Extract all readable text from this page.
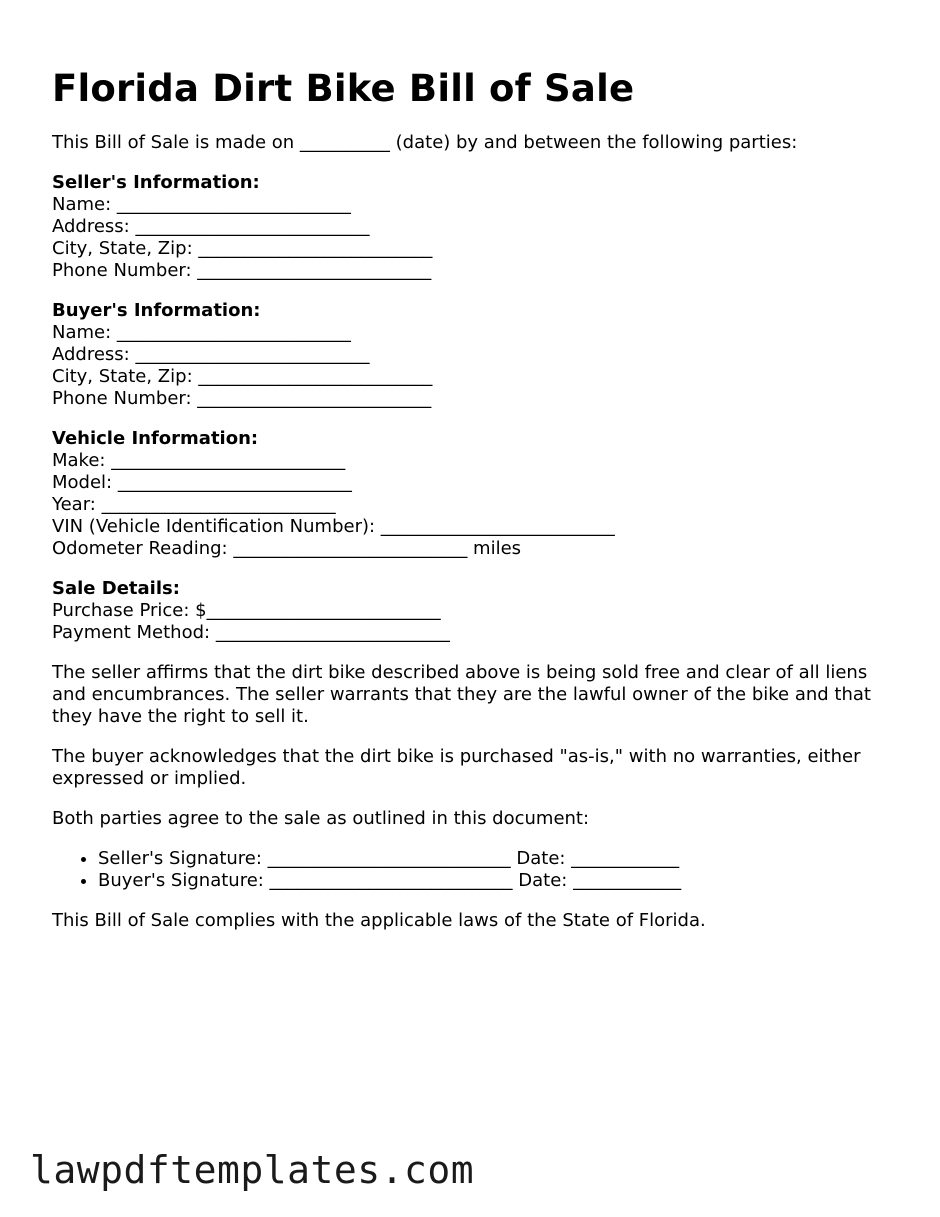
Florida Dirt Bike Bill of Sale

This Bill of Sale is made on __________ (date) by and between the following parties:

Seller's Information:
Name: __________________________
Address: __________________________
City, State, Zip: __________________________
Phone Number: __________________________
Buyer's Information:
Name: __________________________
Address: __________________________
City, State, Zip: __________________________
Phone Number: __________________________
Vehicle Information:
Make: __________________________
Model: __________________________
Year: __________________________
VIN (Vehicle Identification Number): __________________________
Odometer Reading: __________________________ miles
Sale Details:
Purchase Price: $__________________________
Payment Method: __________________________

The seller affirms that the dirt bike described above is being sold free and clear of all liens and encumbrances. The seller warrants that they are the lawful owner of the bike and that they have the right to sell it.

The buyer acknowledges that the dirt bike is purchased "as-is," with no warranties, either expressed or implied.

Both parties agree to the sale as outlined in this document:

• Seller's Signature: ___________________________ Date: ____________
• Buyer's Signature: ___________________________ Date: ____________

This Bill of Sale complies with the applicable laws of the State of Florida.

lawpdftemplates.com
